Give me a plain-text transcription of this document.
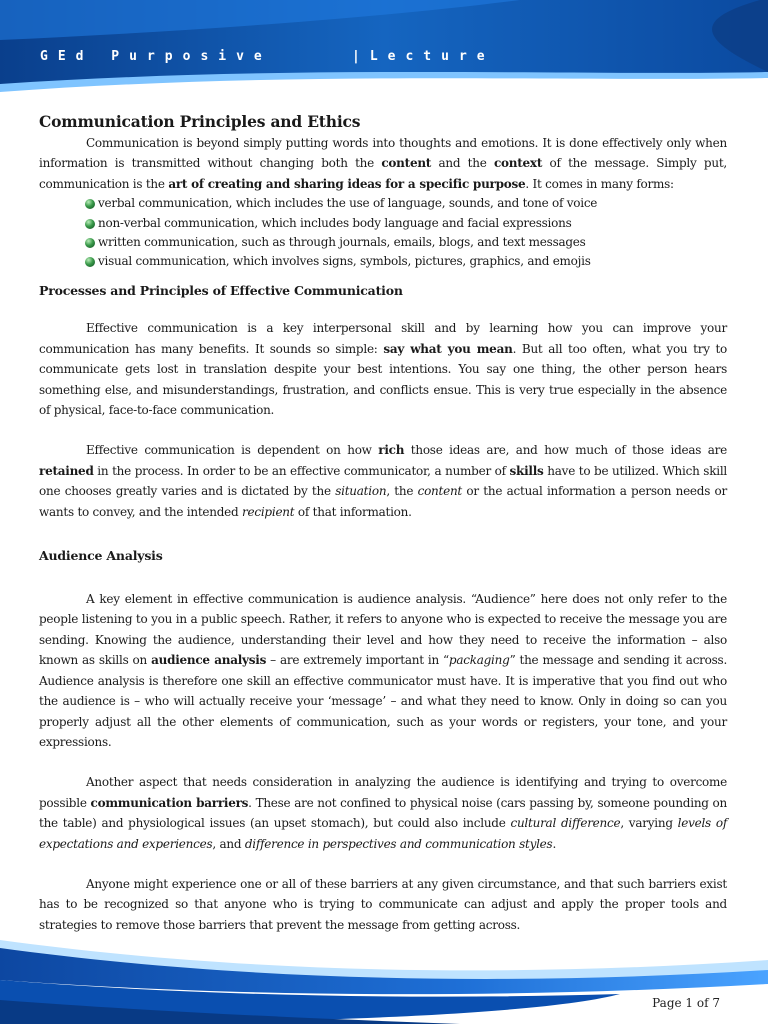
GEd Purposive	|Lecture
Communication Principles and Ethics

Communication is beyond simply putting words into thoughts and emotions. It is done effectively only when information is transmitted without changing both the content and the context of the message. Simply put, communication is the art of creating and sharing ideas for a specific purpose. It comes in many forms:

verbal communication, which includes the use of language, sounds, and tone of voice
non-verbal communication, which includes body language and facial expressions
written communication, such as through journals, emails, blogs, and text messages
visual communication, which involves signs, symbols, pictures, graphics, and emojis
Processes and Principles of Effective Communication

Effective communication is a key interpersonal skill and by learning how you can improve your communication has many benefits. It sounds so simple: say what you mean. But all too often, what you try to communicate gets lost in translation despite your best intentions. You say one thing, the other person hears something else, and misunderstandings, frustration, and conflicts ensue. This is very true especially in the absence of physical, face-to-face communication.

Effective communication is dependent on how rich those ideas are, and how much of those ideas are retained in the process. In order to be an effective communicator, a number of skills have to be utilized. Which skill one chooses greatly varies and is dictated by the situation, the content or the actual information a person needs or wants to convey, and the intended recipient of that information.

Audience Analysis

A key element in effective communication is audience analysis. “Audience” here does not only refer to the people listening to you in a public speech. Rather, it refers to anyone who is expected to receive the message you are sending. Knowing the audience, understanding their level and how they need to receive the information – also known as skills on audience analysis – are extremely important in “packaging” the message and sending it across. Audience analysis is therefore one skill an effective communicator must have. It is imperative that you find out who the audience is – who will actually receive your ‘message’ – and what they need to know. Only in doing so can you properly adjust all the other elements of communication, such as your words or registers, your tone, and your expressions.

Another aspect that needs consideration in analyzing the audience is identifying and trying to overcome possible communication barriers. These are not confined to physical noise (cars passing by, someone pounding on the table) and physiological issues (an upset stomach), but could also include cultural difference, varying levels of expectations and experiences, and difference in perspectives and communication styles.

Anyone might experience one or all of these barriers at any given circumstance, and that such barriers exist has to be recognized so that anyone who is trying to communicate can adjust and apply the proper tools and strategies to remove those barriers that prevent the message from getting across.

Page 1 of 7
